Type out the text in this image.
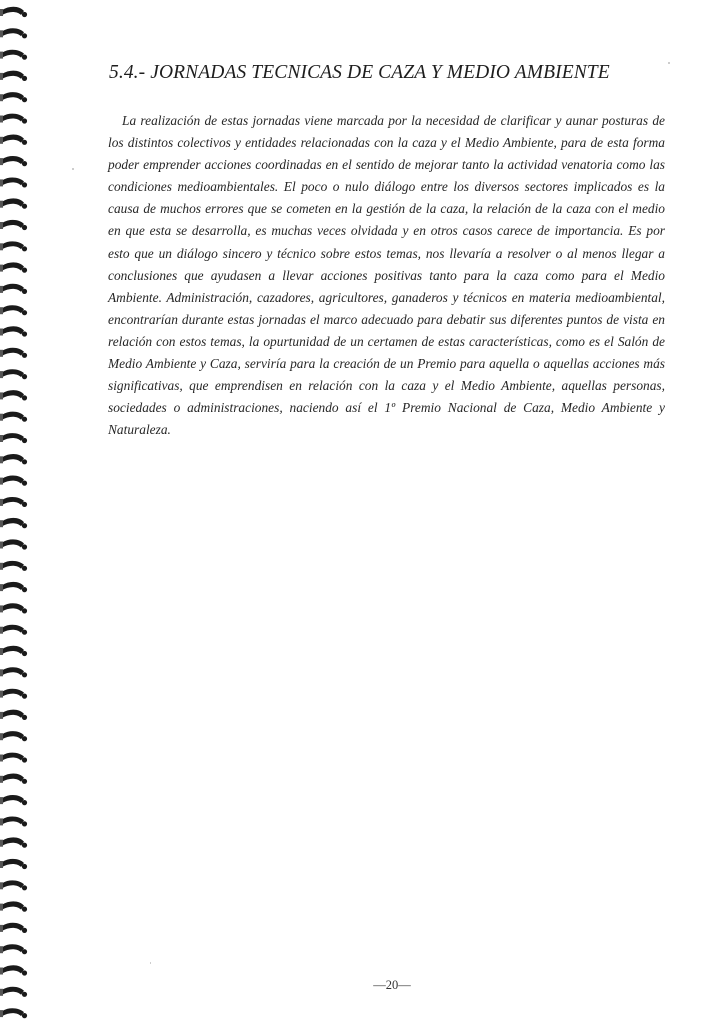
5.4.- JORNADAS TECNICAS DE CAZA Y MEDIO AMBIENTE

La realización de estas jornadas viene marcada por la necesidad de clarificar y aunar posturas de los distintos colectivos y entidades relacionadas con la caza y el Medio Ambiente, para de esta forma poder emprender acciones coordinadas en el sentido de mejorar tanto la actividad venatoria como las condiciones medioambientales. El poco o nulo diálogo entre los diversos sectores implicados es la causa de muchos errores que se cometen en la gestión de la caza, la relación de la caza con el medio en que esta se desarrolla, es muchas veces olvidada y en otros casos carece de importancia. Es por esto que un diálogo sincero y técnico sobre estos temas, nos llevaría a resolver o al menos llegar a conclusiones que ayudasen a llevar acciones positivas tanto para la caza como para el Medio Ambiente. Administración, cazadores, agricultores, ganaderos y técnicos en materia medioambiental, encontrarían durante estas jornadas el marco adecuado para debatir sus diferentes puntos de vista en relación con estos temas, la opurtunidad de un certamen de estas características, como es el Salón de Medio Ambiente y Caza, serviría para la creación de un Premio para aquella o aquellas acciones más significativas, que emprendisen en relación con la caza y el Medio Ambiente, aquellas personas, sociedades o administraciones, naciendo así el 1º Premio Nacional de Caza, Medio Ambiente y Naturaleza.

—20—
